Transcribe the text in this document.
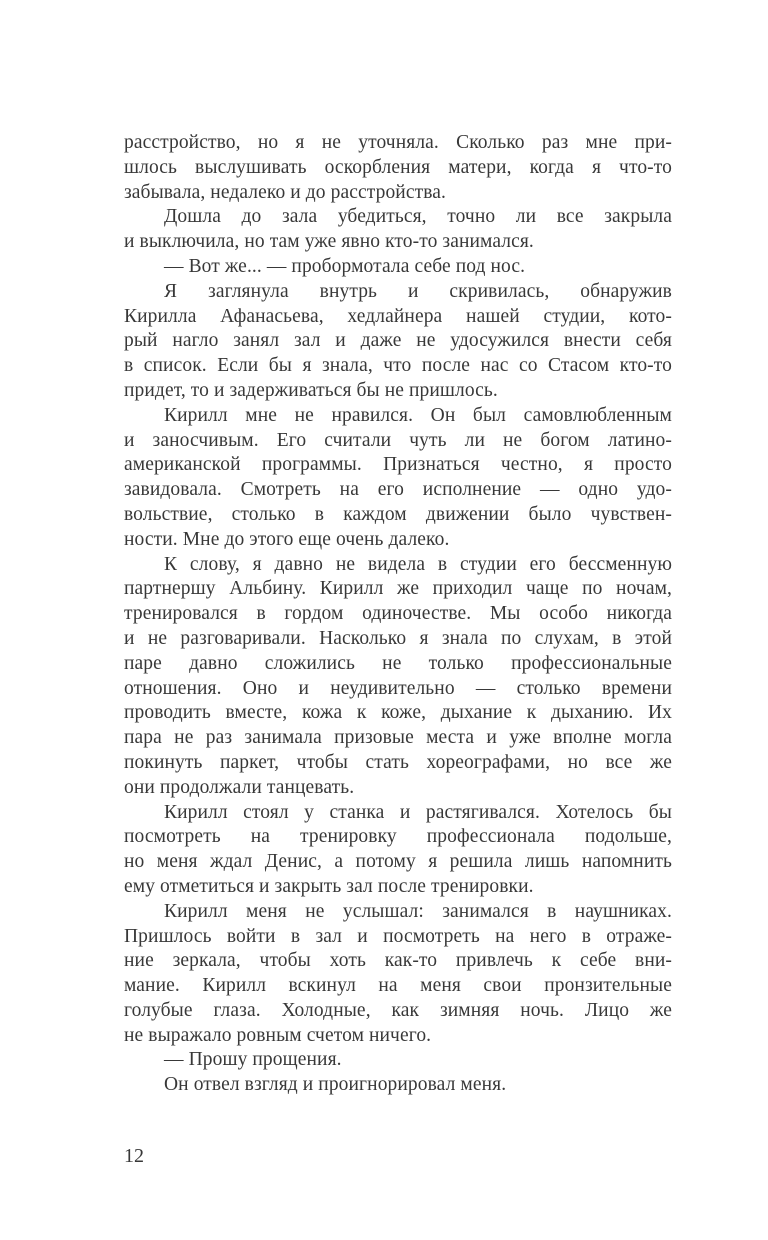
расстройство, но я не уточняла. Сколько раз мне при-
шлось выслушивать оскорбления матери, когда я что-то
забывала, недалеко и до расстройства.
Дошла до зала убедиться, точно ли все закрыла
и выключила, но там уже явно кто-то занимался.
— Вот же... — пробормотала себе под нос.
Я заглянула внутрь и скривилась, обнаружив
Кирилла Афанасьева, хедлайнера нашей студии, кото-
рый нагло занял зал и даже не удосужился внести себя
в список. Если бы я знала, что после нас со Стасом кто-то
придет, то и задерживаться бы не пришлось.
Кирилл мне не нравился. Он был самовлюбленным
и заносчивым. Его считали чуть ли не богом латино-
американской программы. Признаться честно, я просто
завидовала. Смотреть на его исполнение — одно удо-
вольствие, столько в каждом движении было чувствен-
ности. Мне до этого еще очень далеко.
К слову, я давно не видела в студии его бессменную
партнершу Альбину. Кирилл же приходил чаще по ночам,
тренировался в гордом одиночестве. Мы особо никогда
и не разговаривали. Насколько я знала по слухам, в этой
паре давно сложились не только профессиональные
отношения. Оно и неудивительно — столько времени
проводить вместе, кожа к коже, дыхание к дыханию. Их
пара не раз занимала призовые места и уже вполне могла
покинуть паркет, чтобы стать хореографами, но все же
они продолжали танцевать.
Кирилл стоял у станка и растягивался. Хотелось бы
посмотреть на тренировку профессионала подольше,
но меня ждал Денис, а потому я решила лишь напомнить
ему отметиться и закрыть зал после тренировки.
Кирилл меня не услышал: занимался в наушниках.
Пришлось войти в зал и посмотреть на него в отраже-
ние зеркала, чтобы хоть как-то привлечь к себе вни-
мание. Кирилл вскинул на меня свои пронзительные
голубые глаза. Холодные, как зимняя ночь. Лицо же
не выражало ровным счетом ничего.
— Прошу прощения.
Он отвел взгляд и проигнорировал меня.
12
